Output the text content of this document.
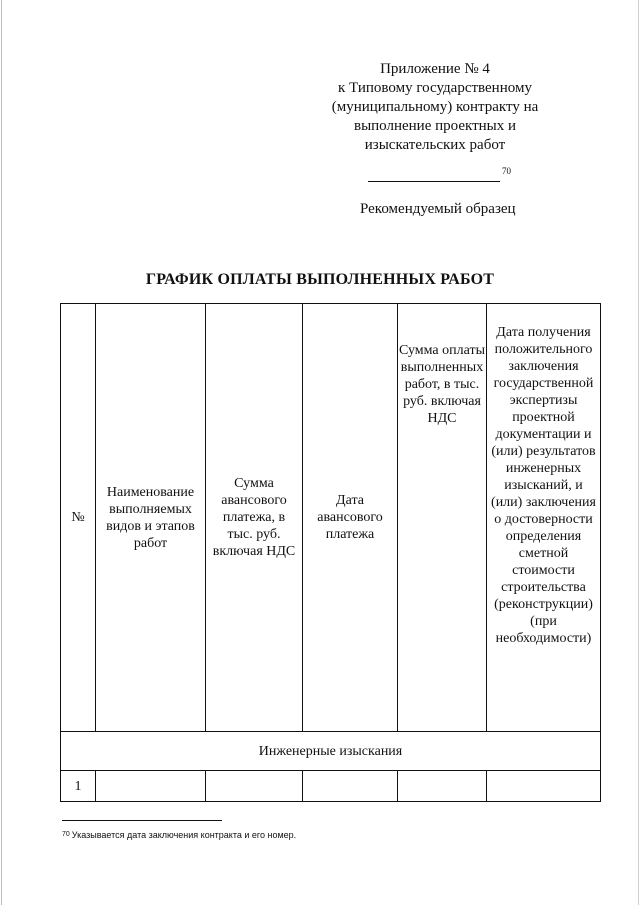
Приложение № 4
к Типовому государственному
(муниципальному) контракту на
выполнение проектных и
изыскательских работ
70
Рекомендуемый образец
ГРАФИК ОПЛАТЫ ВЫПОЛНЕННЫХ РАБОТ
№
Наименование выполняемых видов и этапов работ
Сумма авансового платежа, в тыс. руб. включая НДС
Дата авансового платежа
Сумма оплаты выполненных работ, в тыс. руб. включая НДС
Дата получения положительного заключения государственной экспертизы проектной документации и (или) результатов инженерных изысканий, и (или) заключения о достоверности определения сметной стоимости строительства (реконструкции) (при необходимости)
Инженерные изыскания
1
$^{70}$ Указывается дата заключения контракта и его номер.
